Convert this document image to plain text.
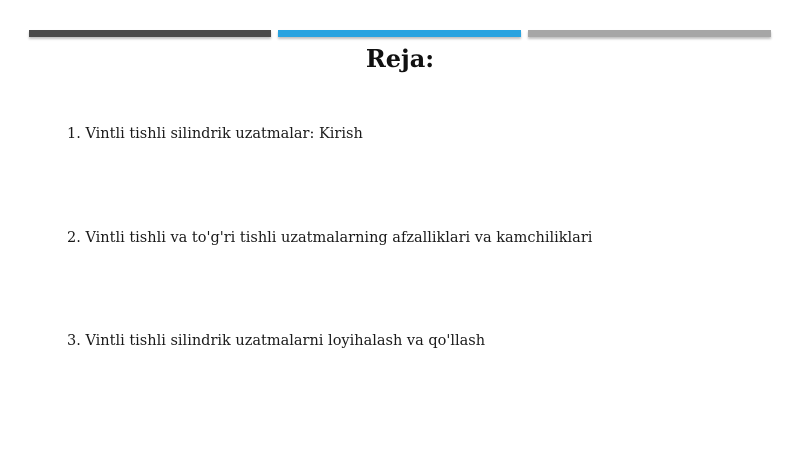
Reja:
1. Vintli tishli silindrik uzatmalar: Kirish
2. Vintli tishli va to'g'ri tishli uzatmalarning afzalliklari va kamchiliklari
3. Vintli tishli silindrik uzatmalarni loyihalash va qo'llash
